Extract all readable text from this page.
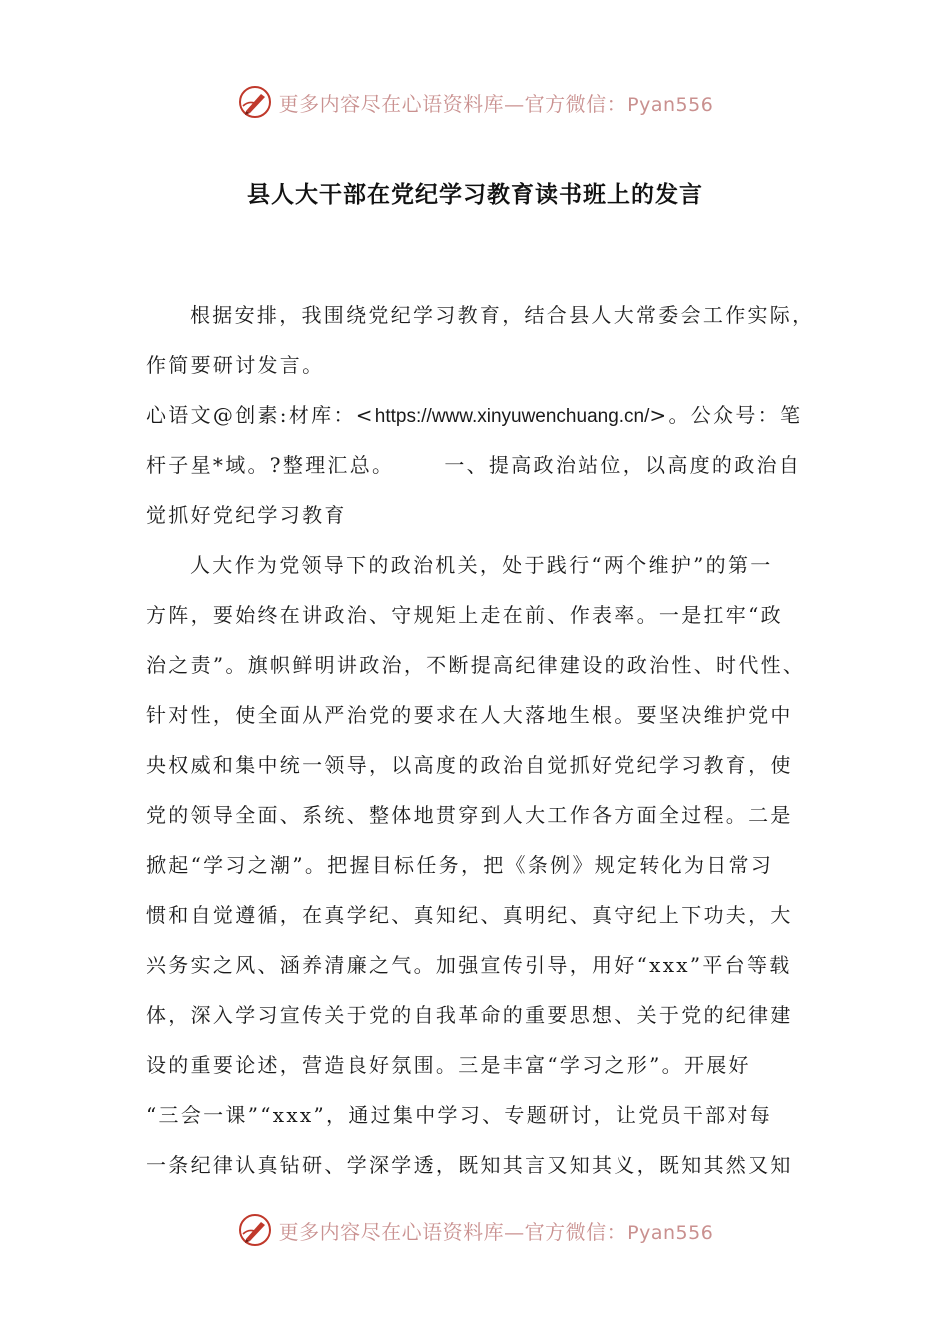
更多内容尽在心语资料库—官方微信：Pyan556
县人大干部在党纪学习教育读书班上的发言
根据安排，我围绕党纪学习教育，结合县人大常委会工作实际，
作简要研讨发言。
心语文@创素:材库：<https://www.xinyuwenchuang.cn/>。公众号：笔
杆子星*域。?整理汇总。	一、提高政治站位，以高度的政治自
觉抓好党纪学习教育
人大作为党领导下的政治机关，处于践行“两个维护”的第一
方阵，要始终在讲政治、守规矩上走在前、作表率。一是扛牢“政
治之责”。旗帜鲜明讲政治，不断提高纪律建设的政治性、时代性、
针对性，使全面从严治党的要求在人大落地生根。要坚决维护党中
央权威和集中统一领导，以高度的政治自觉抓好党纪学习教育，使
党的领导全面、系统、整体地贯穿到人大工作各方面全过程。二是
掀起“学习之潮”。把握目标任务，把《条例》规定转化为日常习
惯和自觉遵循，在真学纪、真知纪、真明纪、真守纪上下功夫，大
兴务实之风、涵养清廉之气。加强宣传引导，用好“xxx”平台等载
体，深入学习宣传关于党的自我革命的重要思想、关于党的纪律建
设的重要论述，营造良好氛围。三是丰富“学习之形”。开展好
“三会一课”“xxx”，通过集中学习、专题研讨，让党员干部对每
一条纪律认真钻研、学深学透，既知其言又知其义，既知其然又知
更多内容尽在心语资料库—官方微信：Pyan556
